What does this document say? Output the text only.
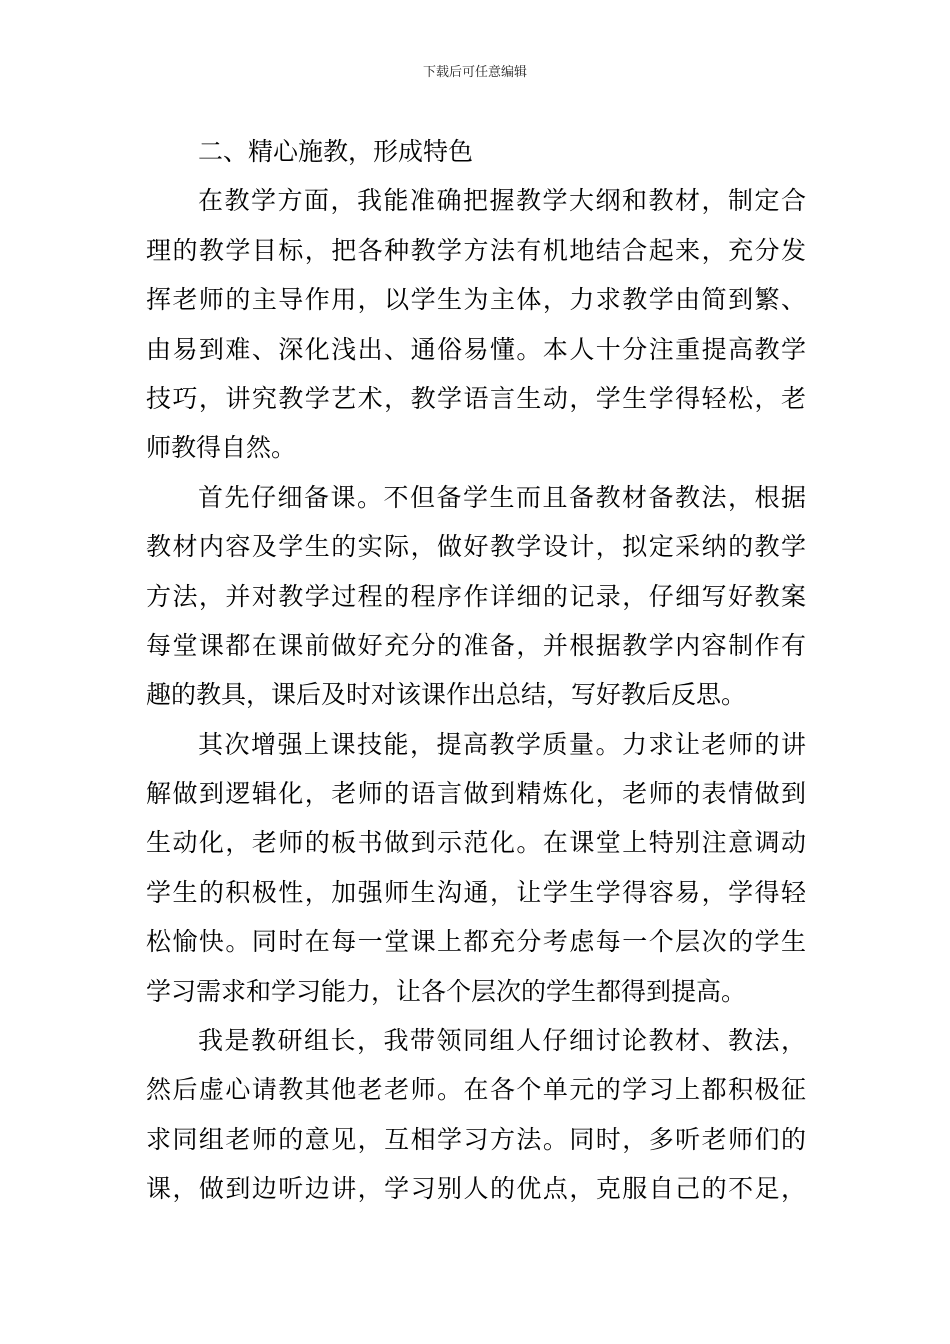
下载后可任意编辑
二、精心施教，形成特色
在教学方面，我能准确把握教学大纲和教材，制定合
理的教学目标，把各种教学方法有机地结合起来，充分发
挥老师的主导作用，以学生为主体，力求教学由简到繁、
由易到难、深化浅出、通俗易懂。本人十分注重提高教学
技巧，讲究教学艺术，教学语言生动，学生学得轻松，老
师教得自然。
首先仔细备课。不但备学生而且备教材备教法，根据
教材内容及学生的实际，做好教学设计，拟定采纳的教学
方法，并对教学过程的程序作详细的记录，仔细写好教案
每堂课都在课前做好充分的准备，并根据教学内容制作有
趣的教具，课后及时对该课作出总结，写好教后反思。
其次增强上课技能，提高教学质量。力求让老师的讲
解做到逻辑化，老师的语言做到精炼化，老师的表情做到
生动化，老师的板书做到示范化。在课堂上特别注意调动
学生的积极性，加强师生沟通，让学生学得容易，学得轻
松愉快。同时在每一堂课上都充分考虑每一个层次的学生
学习需求和学习能力，让各个层次的学生都得到提高。
我是教研组长，我带领同组人仔细讨论教材、教法，
然后虚心请教其他老老师。在各个单元的学习上都积极征
求同组老师的意见，互相学习方法。同时，多听老师们的
课，做到边听边讲，学习别人的优点，克服自己的不足，
